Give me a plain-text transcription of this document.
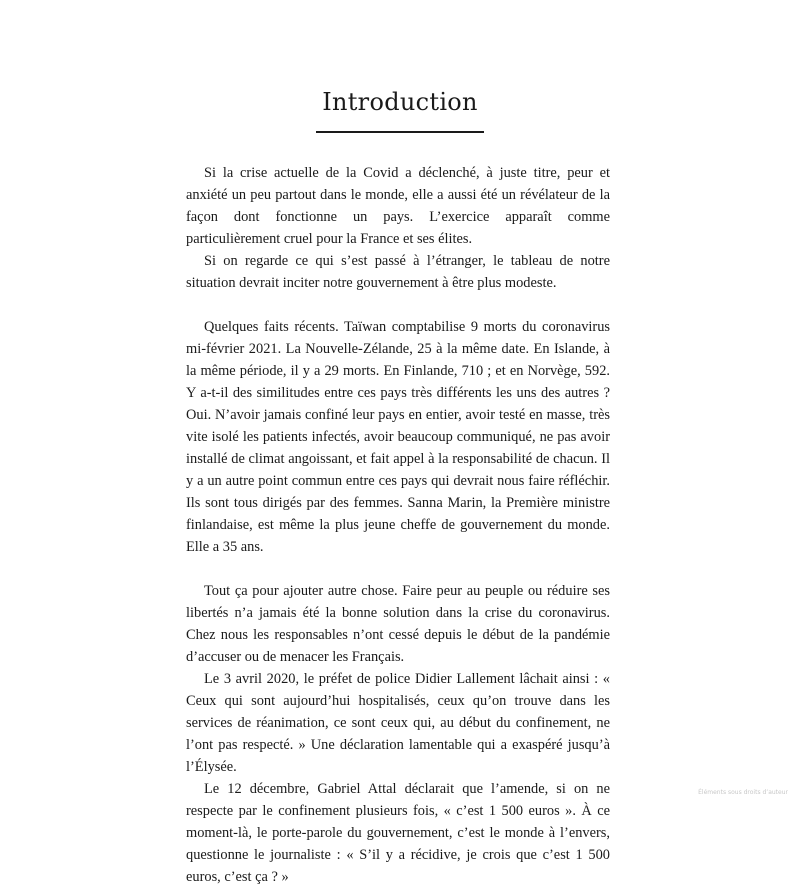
Introduction

Si la crise actuelle de la Covid a déclenché, à juste titre, peur et anxiété un peu partout dans le monde, elle a aussi été un révélateur de la façon dont fonctionne un pays. L’exercice apparaît comme particulièrement cruel pour la France et ses élites.

Si on regarde ce qui s’est passé à l’étranger, le tableau de notre situation devrait inciter notre gouvernement à être plus modeste.

Quelques faits récents. Taïwan comptabilise 9 morts du coronavirus mi-février 2021. La Nouvelle-Zélande, 25 à la même date. En Islande, à la même période, il y a 29 morts. En Finlande, 710 ; et en Norvège, 592. Y a-t-il des similitudes entre ces pays très différents les uns des autres ? Oui. N’avoir jamais confiné leur pays en entier, avoir testé en masse, très vite isolé les patients infectés, avoir beaucoup communiqué, ne pas avoir installé de climat angoissant, et fait appel à la responsabilité de chacun. Il y a un autre point commun entre ces pays qui devrait nous faire réfléchir. Ils sont tous dirigés par des femmes. Sanna Marin, la Première ministre finlandaise, est même la plus jeune cheffe de gouvernement du monde. Elle a 35 ans.

Tout ça pour ajouter autre chose. Faire peur au peuple ou réduire ses libertés n’a jamais été la bonne solution dans la crise du coronavirus. Chez nous les responsables n’ont cessé depuis le début de la pandémie d’accuser ou de menacer les Français.

Le 3 avril 2020, le préfet de police Didier Lallement lâchait ainsi : « Ceux qui sont aujourd’hui hospitalisés, ceux qu’on trouve dans les services de réanimation, ce sont ceux qui, au début du confinement, ne l’ont pas respecté. » Une déclaration lamentable qui a exaspéré jusqu’à l’Élysée.

Le 12 décembre, Gabriel Attal déclarait que l’amende, si on ne respecte par le confinement plusieurs fois, « c’est 1 500 euros ». À ce moment-là, le porte-parole du gouvernement, c’est le monde à l’envers, questionne le journaliste : « S’il y a récidive, je crois que c’est 1 500 euros, c’est ça ? »

Éléments sous droits d’auteur
